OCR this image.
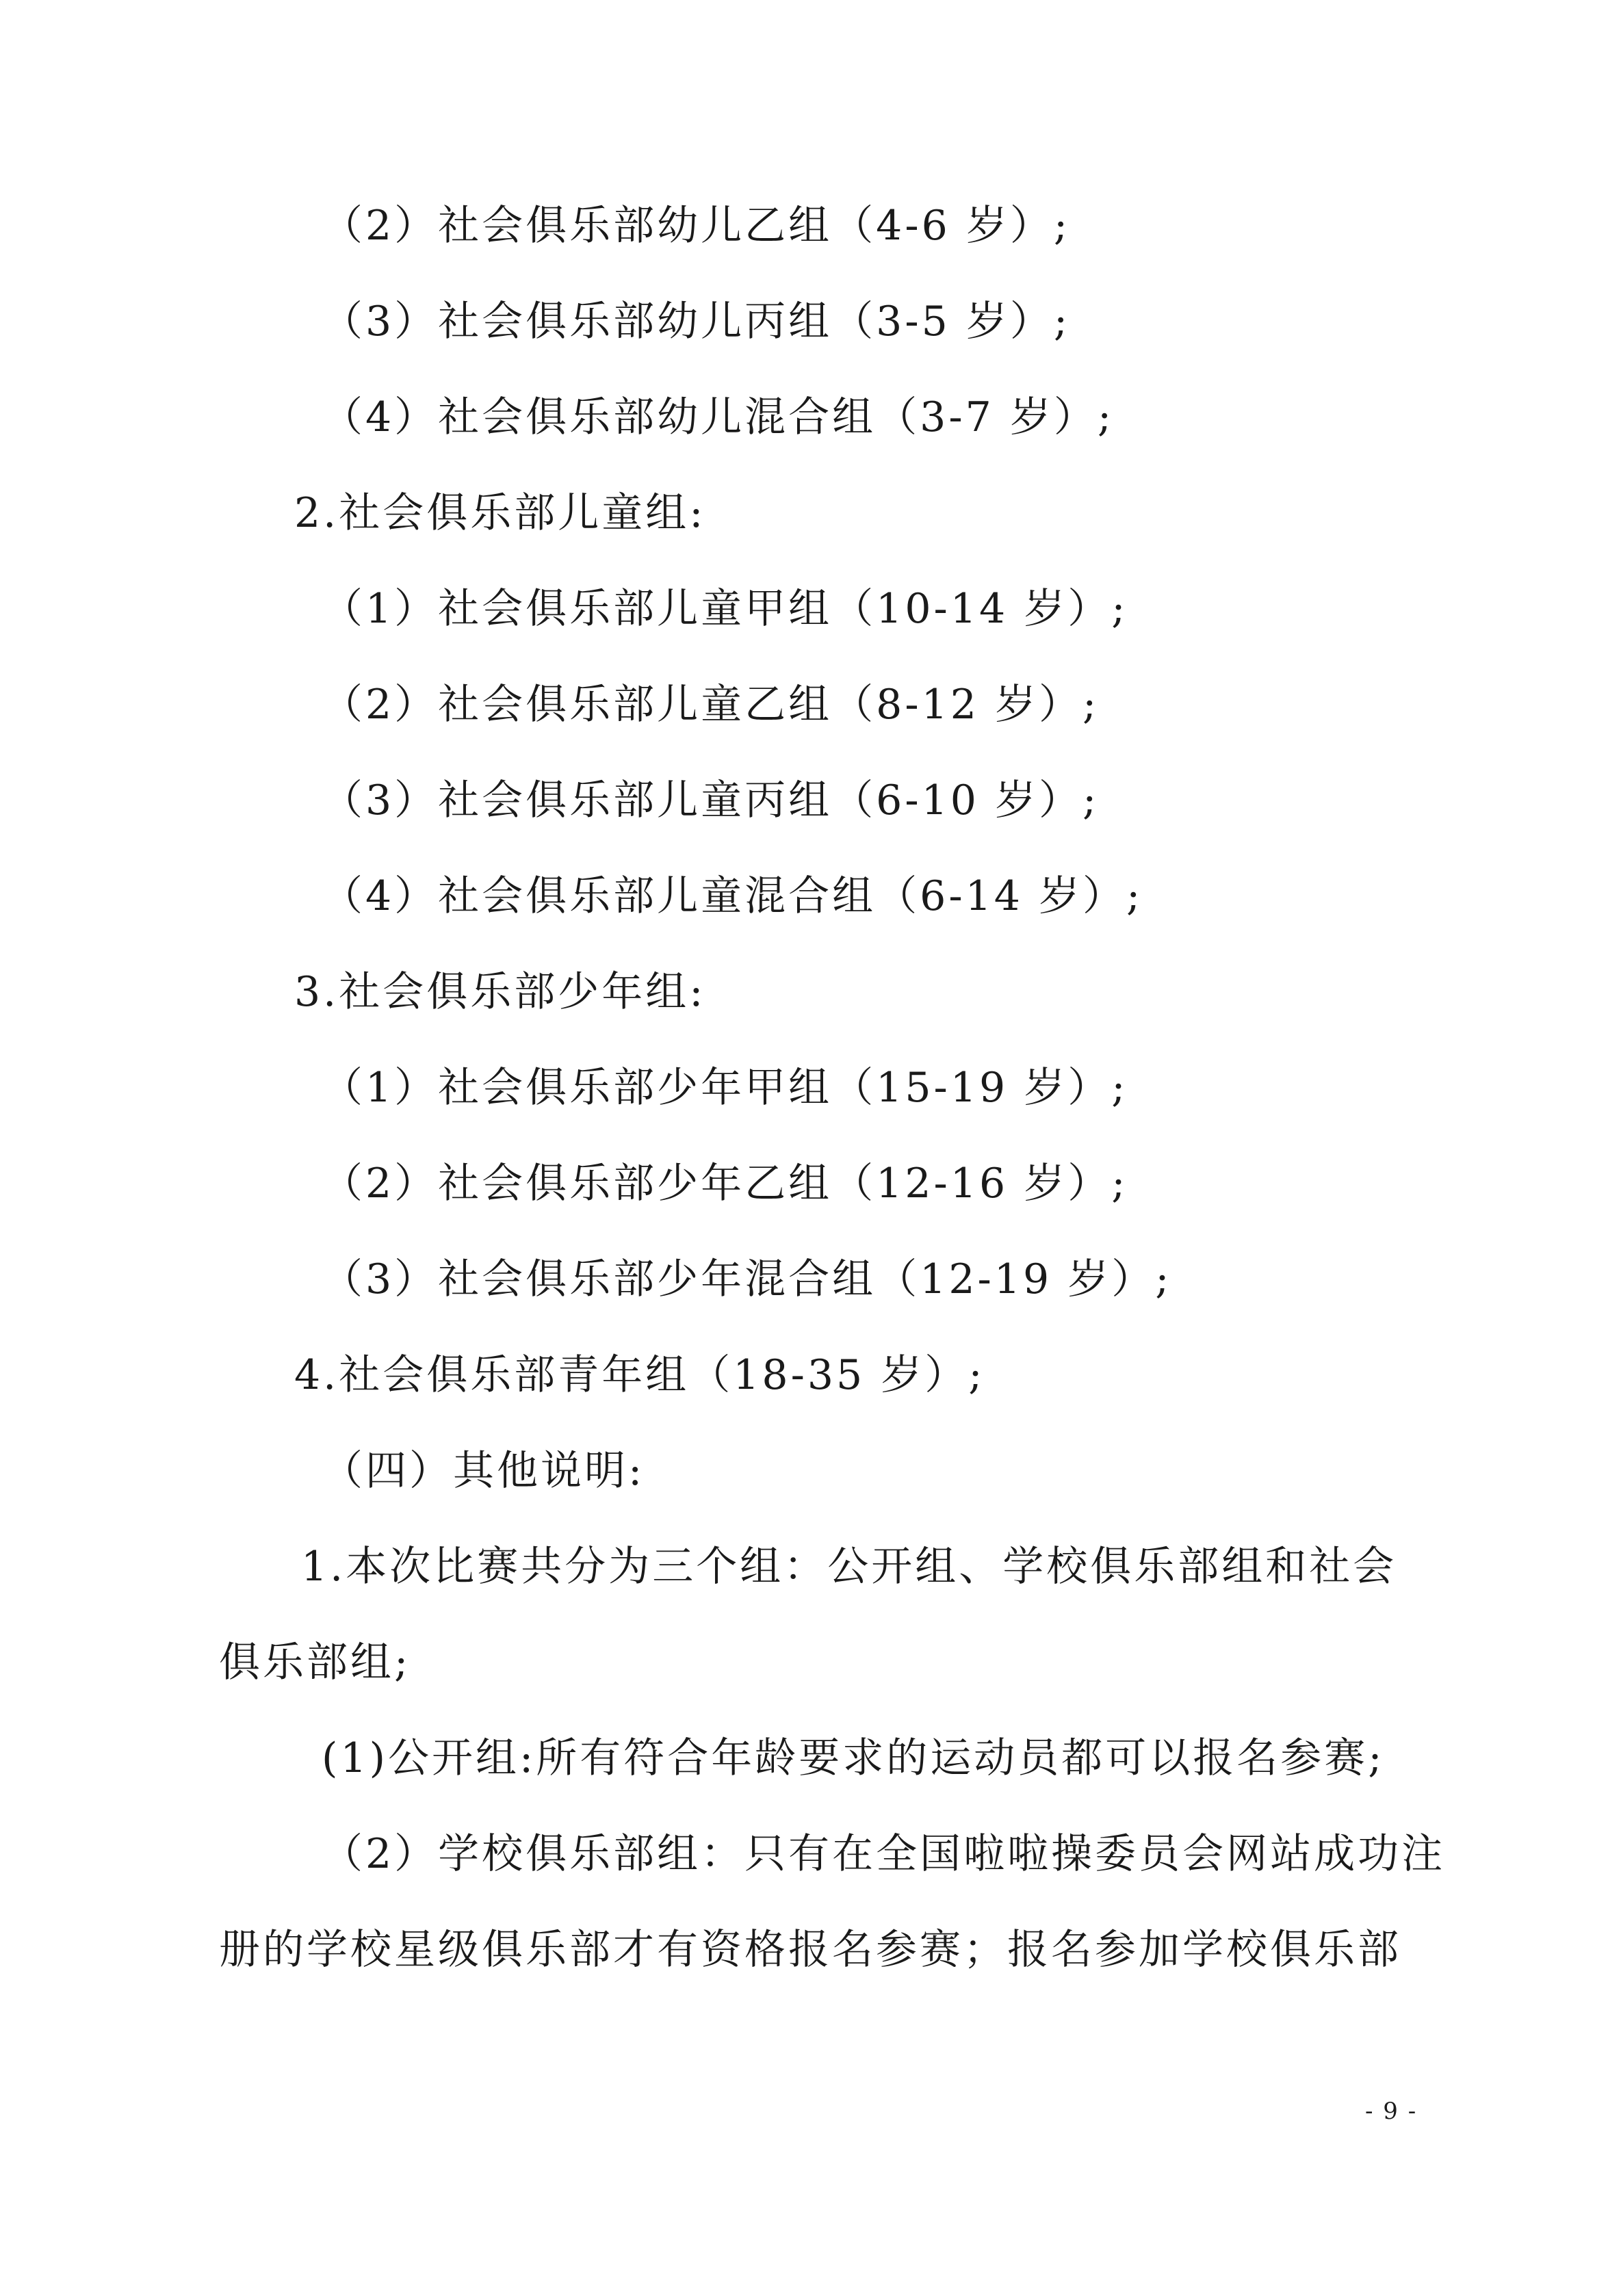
（2）社会俱乐部幼儿乙组（4-6 岁）;
（3）社会俱乐部幼儿丙组（3-5 岁）;
（4）社会俱乐部幼儿混合组（3-7 岁）;
2.社会俱乐部儿童组:
（1）社会俱乐部儿童甲组（10-14 岁）;
（2）社会俱乐部儿童乙组（8-12 岁）;
（3）社会俱乐部儿童丙组（6-10 岁）;
（4）社会俱乐部儿童混合组（6-14 岁）;
3.社会俱乐部少年组:
（1）社会俱乐部少年甲组（15-19 岁）;
（2）社会俱乐部少年乙组（12-16 岁）;
（3）社会俱乐部少年混合组（12-19 岁）;
4.社会俱乐部青年组（18-35 岁）;
（四）其他说明:
1.本次比赛共分为三个组：公开组、学校俱乐部组和社会
俱乐部组;
(1)公开组:所有符合年龄要求的运动员都可以报名参赛;
（2）学校俱乐部组：只有在全国啦啦操委员会网站成功注
册的学校星级俱乐部才有资格报名参赛；报名参加学校俱乐部
- 9 -
